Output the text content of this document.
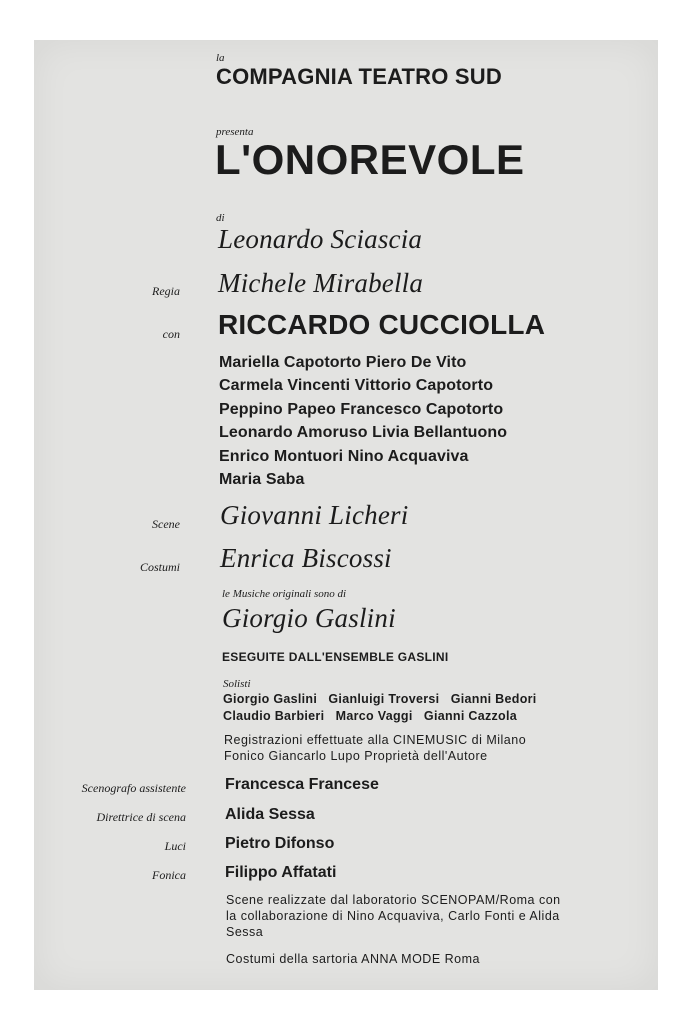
la

COMPAGNIA TEATRO SUD

presenta

L'ONOREVOLE

di

Leonardo Sciascia

Regia Michele Mirabella

con RICCARDO CUCCIOLLA

Mariella Capotorto Piero De Vito

Carmela Vincenti Vittorio Capotorto

Peppino Papeo Francesco Capotorto

Leonardo Amoruso Livia Bellantuono

Enrico Montuori Nino Acquaviva

Maria Saba

Scene Giovanni Licheri

Costumi Enrica Biscossi

le Musiche originali sono di

Giorgio Gaslini

ESEGUITE DALL'ENSEMBLE GASLINI

Solisti

Giorgio Gaslini   Gianluigi Troversi   Gianni Bedori

Claudio Barbieri   Marco Vaggi   Gianni Cazzola

Registrazioni effettuate alla CINEMUSIC di Milano

Fonico Giancarlo Lupo Proprietà dell'Autore

Scenografo assistente Francesca Francese

Direttrice di scena Alida Sessa

Luci Pietro Difonso

Fonica Filippo Affatati

Scene realizzate dal laboratorio SCENOPAM/Roma con

la collaborazione di Nino Acquaviva, Carlo Fonti e Alida

Sessa

Costumi della sartoria ANNA MODE Roma
